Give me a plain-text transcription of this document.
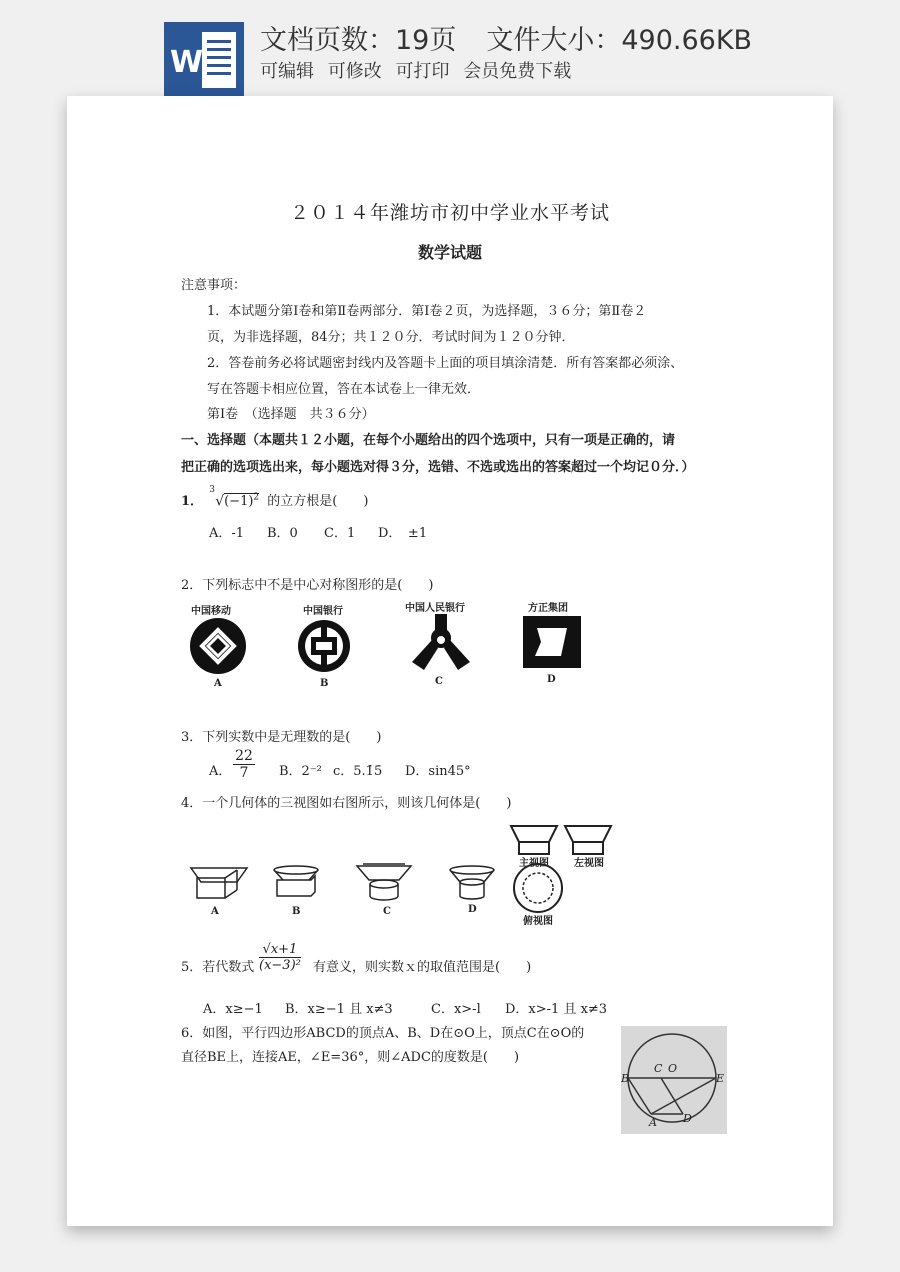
W
文档页数：19页 文件大小：490.66KB
可编辑 可修改 可打印 会员免费下载
２０１４年潍坊市初中学业水平考试
数学试题
注意事项：
1．本试题分第Ⅰ卷和第Ⅱ卷两部分．第Ⅰ卷２页，为选择题，３６分；第Ⅱ卷２
页，为非选择题，84分；共１２０分．考试时间为１２０分钟．
2．答卷前务必将试题密封线内及答题卡上面的项目填涂清楚．所有答案都必须涂、
写在答题卡相应位置，答在本试卷上一律无效．
第Ⅰ卷　（选择题　共３６分）
一、选择题（本题共１２小题，在每个小题给出的四个选项中，只有一项是正确的，请
把正确的选项选出来，每小题选对得３分，选错、不选或选出的答案超过一个均记０分．）
1．
3
$√(-1)^2$ 的立方根是(　　)
A．-1 B．0 C．1 D．　±1
2．下列标志中不是中心对称图形的是(　　)
中国移动
A
中国银行
B
中国人民银行
C
方正集团
D
3．下列实数中是无理数的是(　　)
A． $\frac{22}{7}$ B．2⁻² c．5.1̇5̇ D．sin45°
4．一个几何体的三视图如右图所示，则该几何体是(　　)
主视图	左视图
俯视图
A	B	C	D
5．若代数式 $\frac{√x+1}{\text{(x−3)²}}$ 有意义，则实数ｘ的取值范围是(　　)
A．x≥−1 B．x≥−1 且 x≠3	C．x>-l D．x>-1 且 x≠3
6．如图，平行四边形ABCD的顶点A、B、D在⊙O上，顶点C在⊙O的
直径BE上，连接AE，∠E=36°，则∠ADC的度数是(　　)
B
C O
E
A D
